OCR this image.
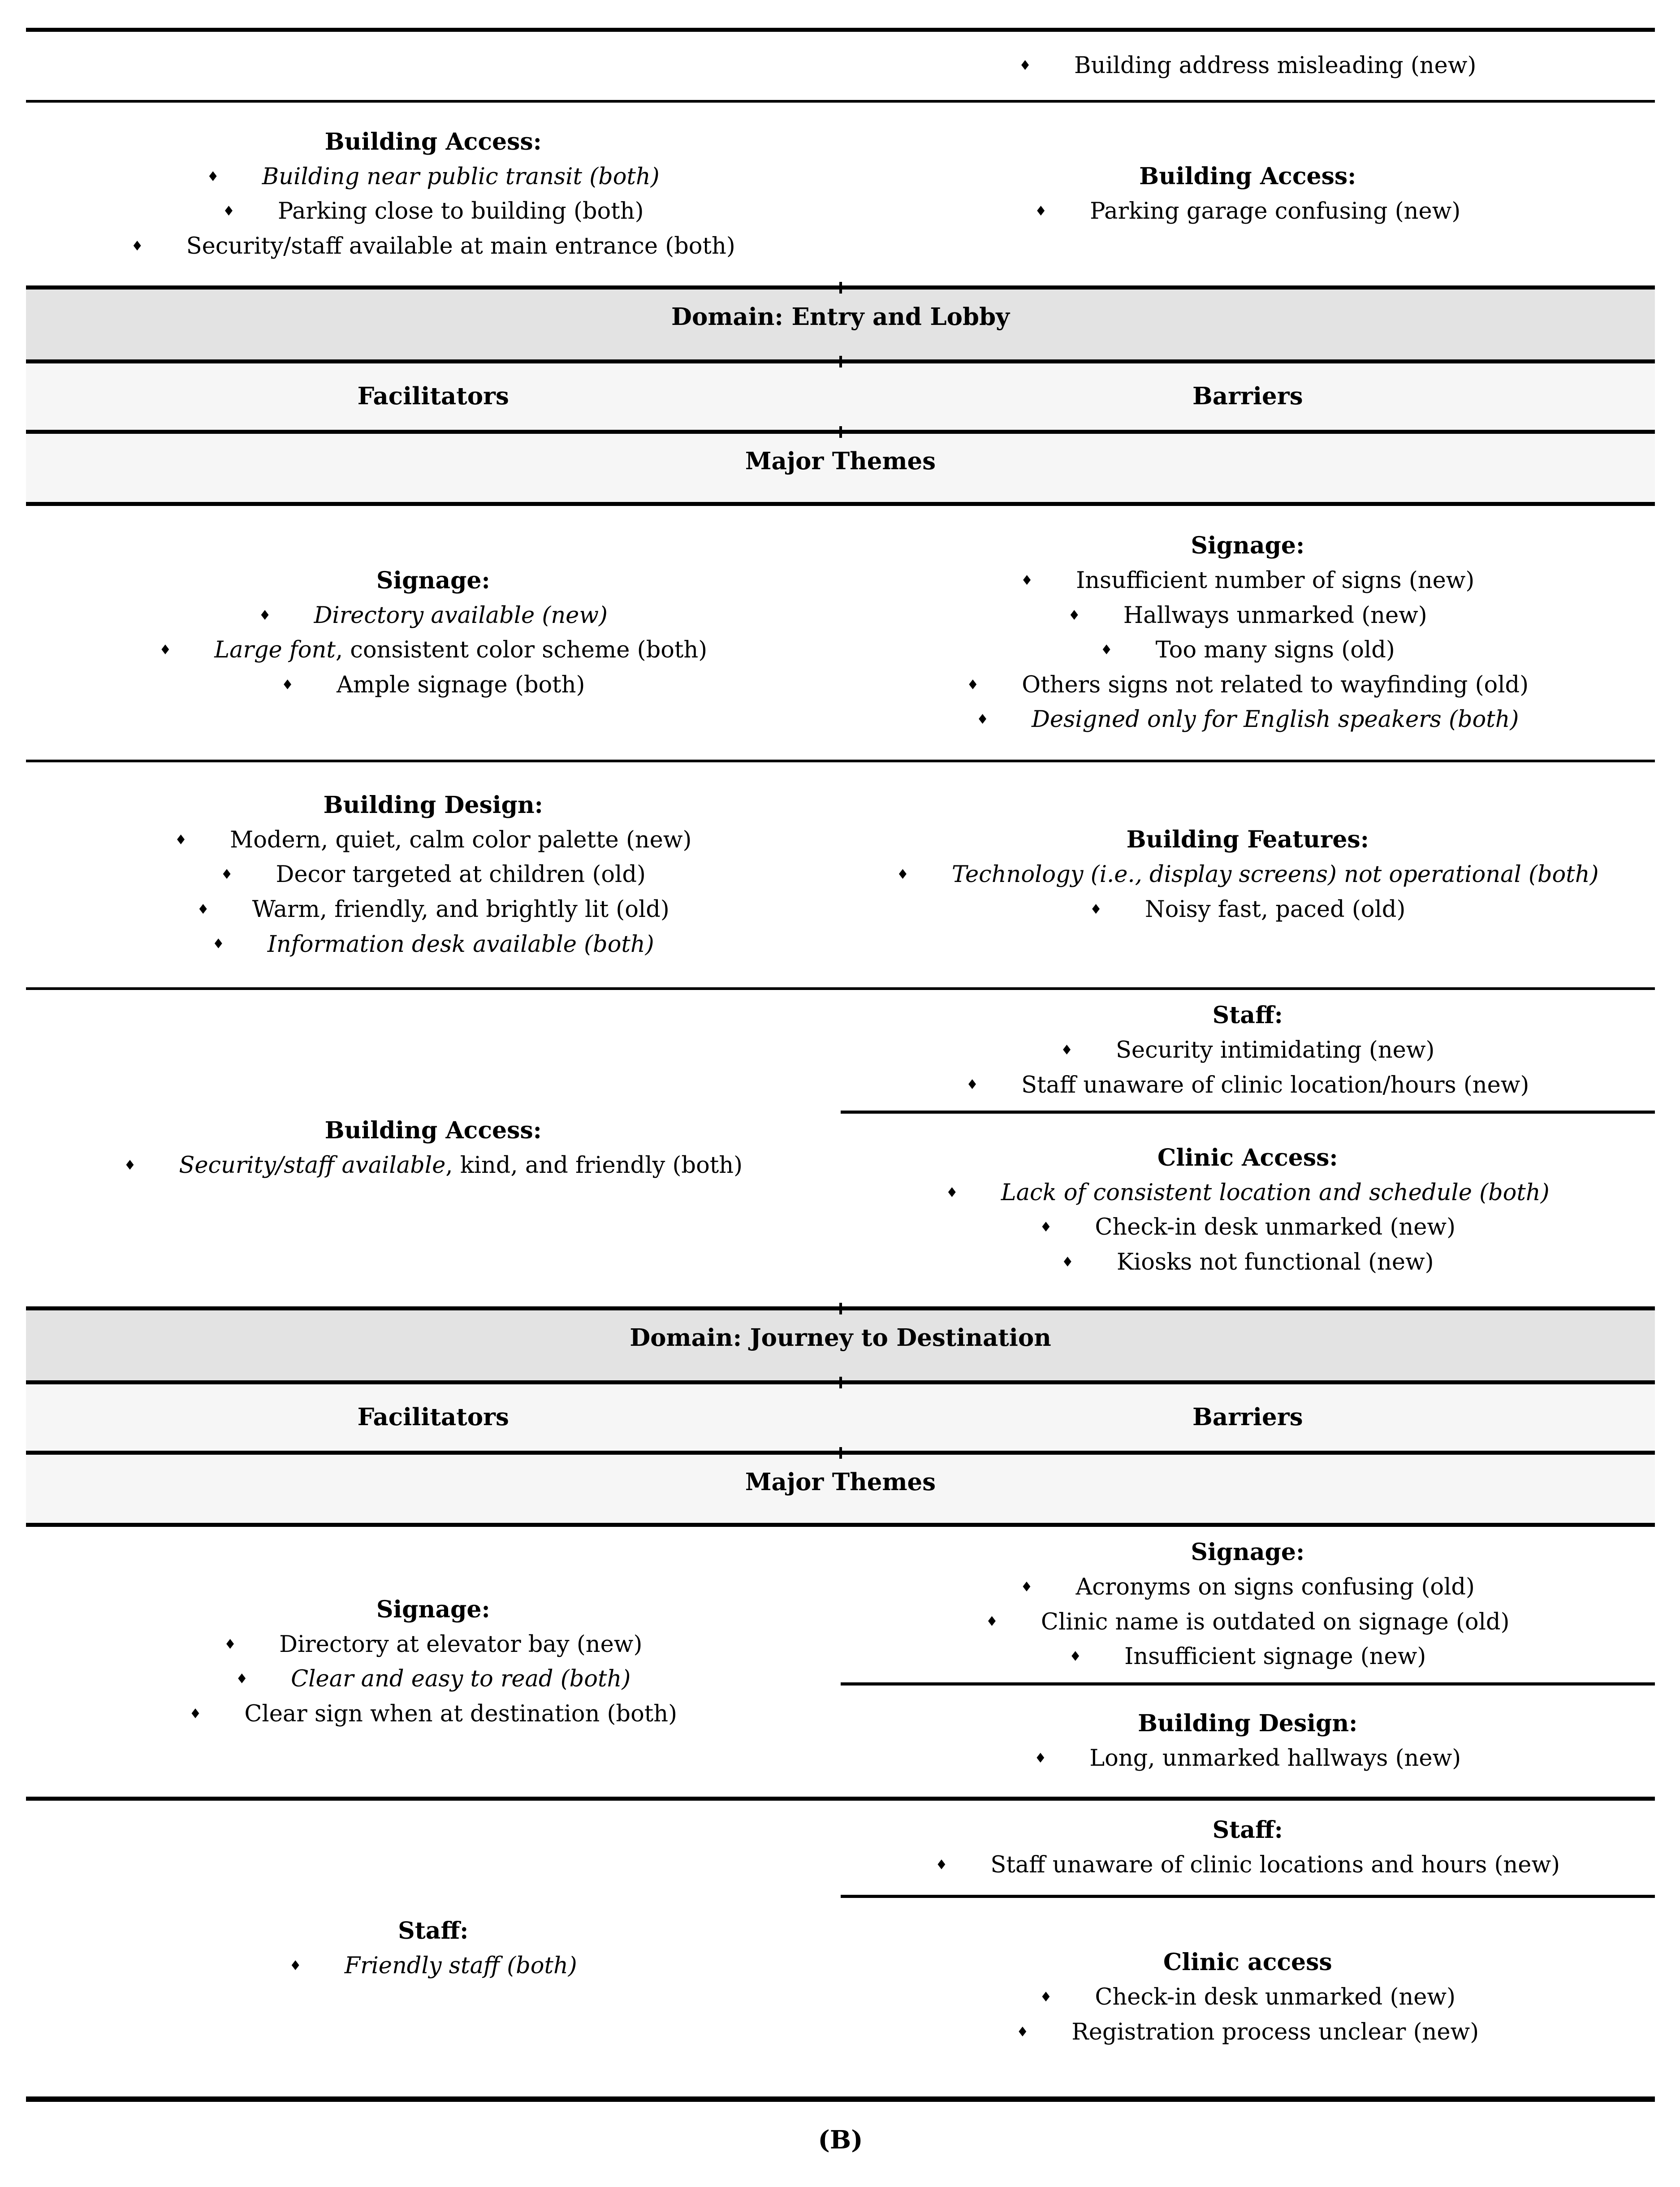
♦ Building address misleading (new)
Building Access:
♦ Building near public transit (both)
♦ Parking close to building (both)
♦ Security/staff available at main entrance (both)
Building Access:
♦ Parking garage confusing (new)
Domain: Entry and Lobby
Facilitators	Barriers
Major Themes
Signage:
♦ Directory available (new)
♦ Large font, consistent color scheme (both)
♦ Ample signage (both)
Signage:
♦ Insufficient number of signs (new)
♦ Hallways unmarked (new)
♦ Too many signs (old)
♦ Others signs not related to wayfinding (old)
♦ Designed only for English speakers (both)
Building Design:
♦ Modern, quiet, calm color palette (new)
♦ Decor targeted at children (old)
♦ Warm, friendly, and brightly lit (old)
♦ Information desk available (both)
Building Features:
♦ Technology (i.e., display screens) not operational (both)
♦ Noisy fast, paced (old)
Building Access:
♦ Security/staff available, kind, and friendly (both)
Staff:
♦ Security intimidating (new)
♦ Staff unaware of clinic location/hours (new)
Clinic Access:
♦ Lack of consistent location and schedule (both)
♦ Check-in desk unmarked (new)
♦ Kiosks not functional (new)
Domain: Journey to Destination
Facilitators	Barriers
Major Themes
Signage:
♦ Directory at elevator bay (new)
♦ Clear and easy to read (both)
♦ Clear sign when at destination (both)
Signage:
♦ Acronyms on signs confusing (old)
♦ Clinic name is outdated on signage (old)
♦ Insufficient signage (new)
Building Design:
♦ Long, unmarked hallways (new)
Staff:
♦ Friendly staff (both)
Staff:
♦ Staff unaware of clinic locations and hours (new)
Clinic access
♦ Check-in desk unmarked (new)
♦ Registration process unclear (new)
(B)
